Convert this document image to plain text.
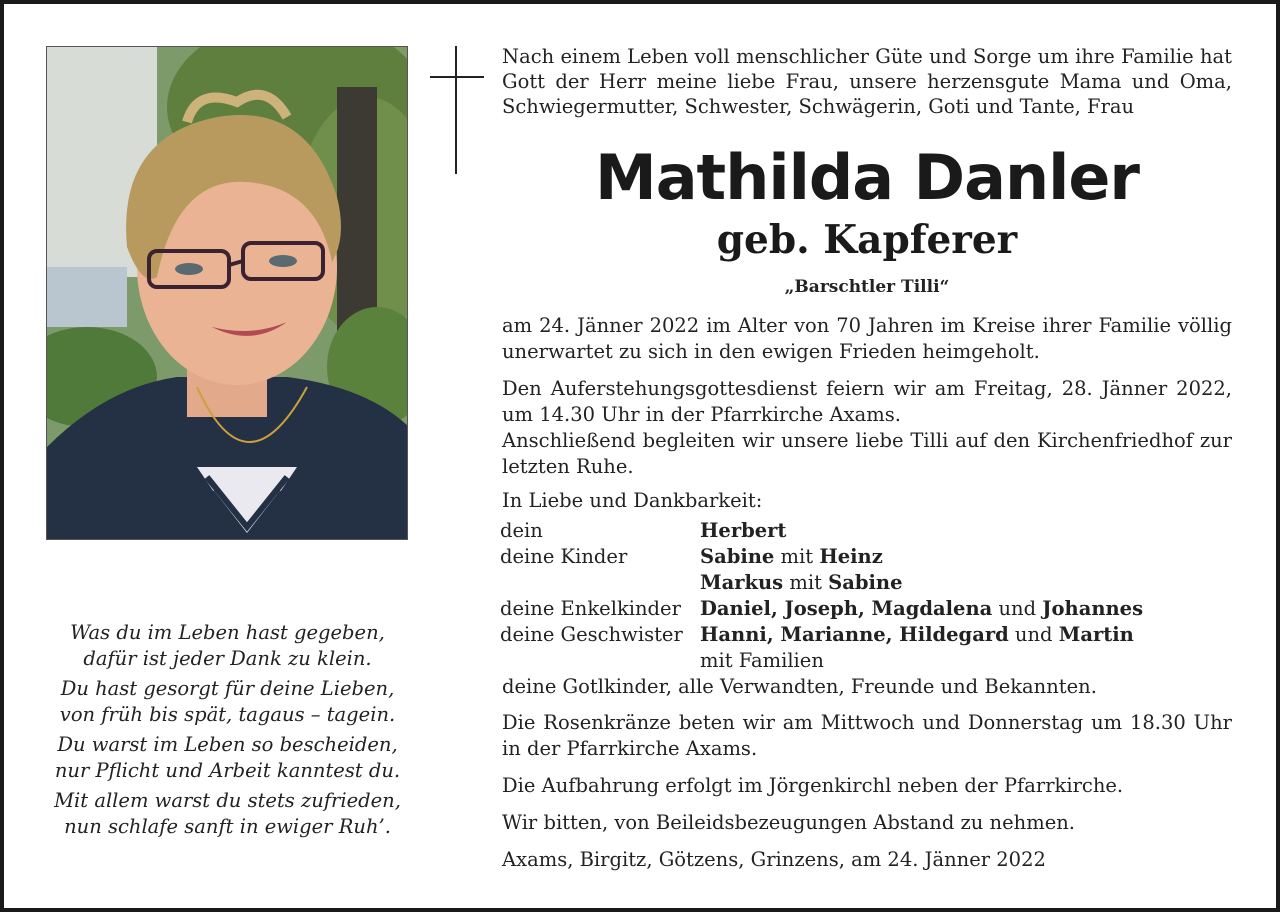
Was du im Leben hast gegeben,
dafür ist jeder Dank zu klein.
Du hast gesorgt für deine Lieben,
von früh bis spät, tagaus – tagein.
Du warst im Leben so bescheiden,
nur Pflicht und Arbeit kanntest du.
Mit allem warst du stets zufrieden,
nun schlafe sanft in ewiger Ruh’.
Nach einem Leben voll menschlicher Güte und Sorge um ihre Familie hat Gott der Herr meine liebe Frau, unsere herzensgute Mama und Oma, Schwiegermutter, Schwester, Schwägerin, Goti und Tante, Frau
Mathilda Danler
geb. Kapferer
„Barschtler Tilli“
am 24. Jänner 2022 im Alter von 70 Jahren im Kreise ihrer Familie völlig unerwartet zu sich in den ewigen Frieden heimgeholt.
Den Auferstehungsgottesdienst feiern wir am Freitag, 28. Jänner 2022, um 14.30 Uhr in der Pfarrkirche Axams.
Anschließend begleiten wir unsere liebe Tilli auf den Kirchenfriedhof zur letzten Ruhe.
In Liebe und Dankbarkeit:
dein	Herbert
deine Kinder	Sabine mit Heinz
	Markus mit Sabine
deine Enkelkinder	Daniel, Joseph, Magdalena und Johannes
deine Geschwister	Hanni, Marianne, Hildegard und Martin
	mit Familien
deine Gotlkinder, alle Verwandten, Freunde und Bekannten.
Die Rosenkränze beten wir am Mittwoch und Donnerstag um 18.30 Uhr in der Pfarrkirche Axams.
Die Aufbahrung erfolgt im Jörgenkirchl neben der Pfarrkirche.
Wir bitten, von Beileidsbezeugungen Abstand zu nehmen.
Axams, Birgitz, Götzens, Grinzens, am 24. Jänner 2022
